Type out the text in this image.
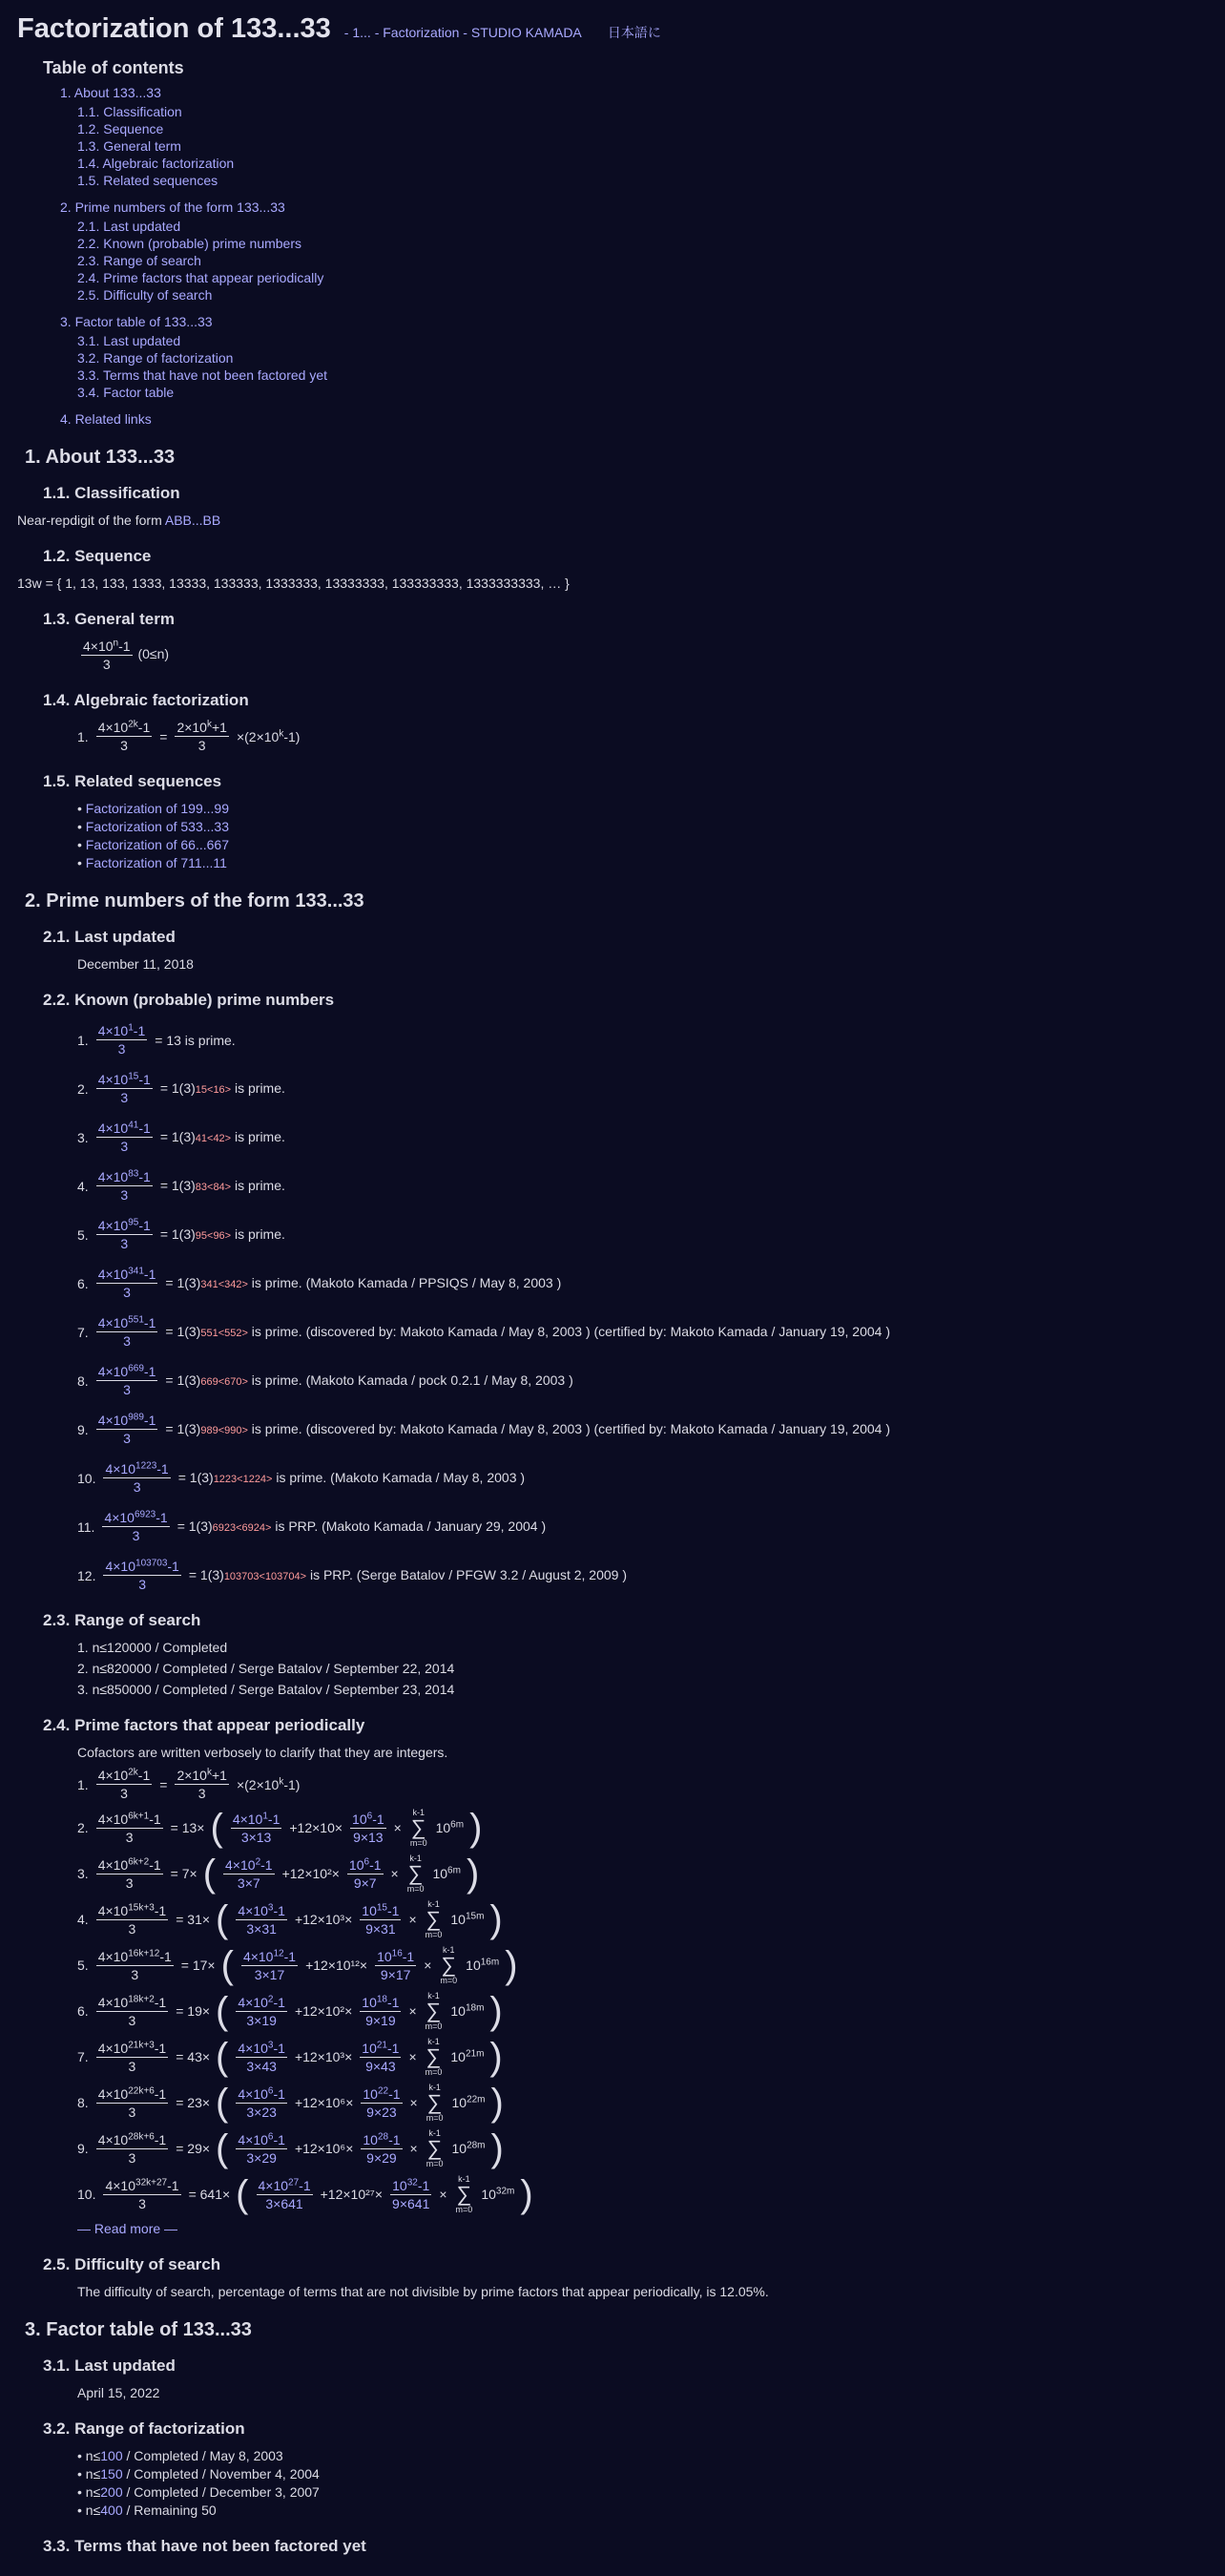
Factorization of 133...33 - 1... - Factorization - STUDIO KAMADA 日本語に
Table of contents
1. About 133...33
1.1. Classification
1.2. Sequence
1.3. General term
1.4. Algebraic factorization
1.5. Related sequences
2. Prime numbers of the form 133...33
2.1. Last updated
2.2. Known (probable) prime numbers
2.3. Range of search
2.4. Prime factors that appear periodically
2.5. Difficulty of search
3. Factor table of 133...33
3.1. Last updated
3.2. Range of factorization
3.3. Terms that have not been factored yet
3.4. Factor table
4. Related links
1. About 133...33
1.1. Classification
Near-repdigit of the form ABB...BB
1.2. Sequence
13w = { 1, 13, 133, 1333, 13333, 133333, 1333333, 13333333, 133333333, 1333333333, … }
1.3. General term
$\frac{4\times 10^n-1}{3} (0\le n)$
1.4. Algebraic factorization
1. $\frac{4\times 10^{2k}-1}{3} = \frac{2\times 10^k+1}{3} \times(2\times 10^k-1)$
1.5. Related sequences
• Factorization of 199...99
• Factorization of 533...33
• Factorization of 66...667
• Factorization of 711...11
2. Prime numbers of the form 133...33
2.1. Last updated
December 11, 2018
2.2. Known (probable) prime numbers
1. $\frac{4\times 10^1-1}{3} = 13$ is prime.
2. $\frac{4\times 10^{15}-1}{3} = 1(3)15<16>$ is prime.
3. $\frac{4\times 10^{41}-1}{3} = 1(3)41<42>$ is prime.
4. $\frac{4\times 10^{83}-1}{3} = 1(3)83<84>$ is prime.
5. $\frac{4\times 10^{95}-1}{3} = 1(3)95<96>$ is prime.
6. $\frac{4\times 10^{341}-1}{3} = 1(3)341<342>$ is prime. (Makoto Kamada / PPSIQS / May 8, 2003 )
7. $\frac{4\times 10^{551}-1}{3} = 1(3)551<552>$ is prime. (discovered by: Makoto Kamada / May 8, 2003 ) (certified by: Makoto Kamada / January 19, 2004 )
8. $\frac{4\times 10^{669}-1}{3} = 1(3)669<670>$ is prime. (Makoto Kamada / pock 0.2.1 / May 8, 2003 )
9. $\frac{4\times 10^{989}-1}{3} = 1(3)989<990>$ is prime. (discovered by: Makoto Kamada / May 8, 2003 ) (certified by: Makoto Kamada / January 19, 2004 )
10. $\frac{4\times 10^{1223}-1}{3} = 1(3)1223<1224>$ is prime. (Makoto Kamada / May 8, 2003 )
11. $\frac{4\times 10^{6923}-1}{3} = 1(3)6923<6924>$ is PRP. (Makoto Kamada / January 29, 2004 )
12. $\frac{4\times 10^{103703}-1}{3} = 1(3)103703<103704>$ is PRP. (Serge Batalov / PFGW 3.2 / August 2, 2009 )
2.3. Range of search
1. n≤120000 / Completed
2. n≤820000 / Completed / Serge Batalov / September 22, 2014
3. n≤850000 / Completed / Serge Batalov / September 23, 2014
2.4. Prime factors that appear periodically
Cofactors are written verbosely to clarify that they are integers.
1. $\frac{4\times 10^{2k}-1}{3} = \frac{2\times 10^k+1}{3} \times(2\times 10^k-1)$
2. $\frac{4\times 10^{6k+1}-1}{3} = 13\times$ ( $\frac{4\times 10^1-1}{3\times 13} +12\times 10\times \frac{10^6-1}{9\times 13}$ ×
k-1
∑
m=0
$10^{6m}$ )
3. $\frac{4\times 10^{6k+2}-1}{3} = 7\times$ ( $\frac{4\times 10^2-1}{3\times 7} +12\times 10^2\times \frac{10^6-1}{9\times 7}$ ×
k-1
∑
m=0
$10^{6m}$ )
4. $\frac{4\times 10^{15k+3}-1}{3} = 31\times$ ( $\frac{4\times 10^3-1}{3\times 31} +12\times 10^3\times \frac{10^{15}-1}{9\times 31}$ ×
k-1
∑
m=0
$10^{15m}$ )
5. $\frac{4\times 10^{16k+12}-1}{3} = 17\times$ ( $\frac{4\times 10^{12}-1}{3\times 17} +12\times 10^{12}\times \frac{10^{16}-1}{9\times 17}$ ×
k-1
∑
m=0
$10^{16m}$ )
6. $\frac{4\times 10^{18k+2}-1}{3} = 19\times$ ( $\frac{4\times 10^2-1}{3\times 19} +12\times 10^2\times \frac{10^{18}-1}{9\times 19}$ ×
k-1
∑
m=0
$10^{18m}$ )
7. $\frac{4\times 10^{21k+3}-1}{3} = 43\times$ ( $\frac{4\times 10^3-1}{3\times 43} +12\times 10^3\times \frac{10^{21}-1}{9\times 43}$ ×
k-1
∑
m=0
$10^{21m}$ )
8. $\frac{4\times 10^{22k+6}-1}{3} = 23\times$ ( $\frac{4\times 10^6-1}{3\times 23} +12\times 10^6\times \frac{10^{22}-1}{9\times 23}$ ×
k-1
∑
m=0
$10^{22m}$ )
9. $\frac{4\times 10^{28k+6}-1}{3} = 29\times$ ( $\frac{4\times 10^6-1}{3\times 29} +12\times 10^6\times \frac{10^{28}-1}{9\times 29}$ ×
k-1
∑
m=0
$10^{28m}$ )
10. $\frac{4\times 10^{32k+27}-1}{3} = 641\times$ ( $\frac{4\times 10^{27}-1}{3\times 641} +12\times 10^{27}\times \frac{10^{32}-1}{9\times 641}$ ×
k-1
∑
m=0
$10^{32m}$ )
— Read more —
2.5. Difficulty of search
The difficulty of search, percentage of terms that are not divisible by prime factors that appear periodically, is 12.05%.
3. Factor table of 133...33
3.1. Last updated
April 15, 2022
3.2. Range of factorization
• n≤100 / Completed / May 8, 2003
• n≤150 / Completed / November 4, 2004
• n≤200 / Completed / December 3, 2007
• n≤400 / Remaining 50
3.3. Terms that have not been factored yet
